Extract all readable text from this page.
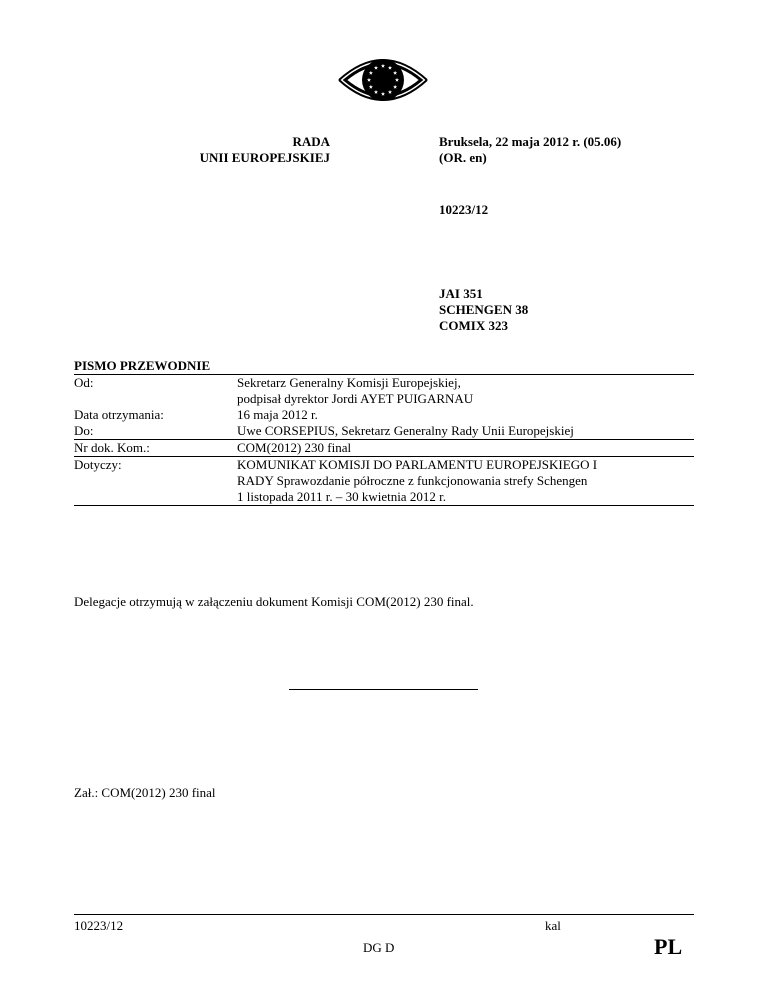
RADA
UNII EUROPEJSKIEJ
Bruksela, 22 maja 2012 r. (05.06)
(OR. en)
10223/12
JAI 351
SCHENGEN 38
COMIX 323
PISMO PRZEWODNIE
Od:	Sekretarz Generalny Komisji Europejskiej,
podpisał dyrektor Jordi AYET PUIGARNAU
Data otrzymania:	16 maja 2012 r.
Do:	Uwe CORSEPIUS, Sekretarz Generalny Rady Unii Europejskiej
Nr dok. Kom.:	COM(2012) 230 final
Dotyczy:	KOMUNIKAT KOMISJI DO PARLAMENTU EUROPEJSKIEGO I
RADY Sprawozdanie półroczne z funkcjonowania strefy Schengen
1 listopada 2011 r. – 30 kwietnia 2012 r.
Delegacje otrzymują w załączeniu dokument Komisji COM(2012) 230 final.
Zał.: COM(2012) 230 final
10223/12	kal
DG D	PL
